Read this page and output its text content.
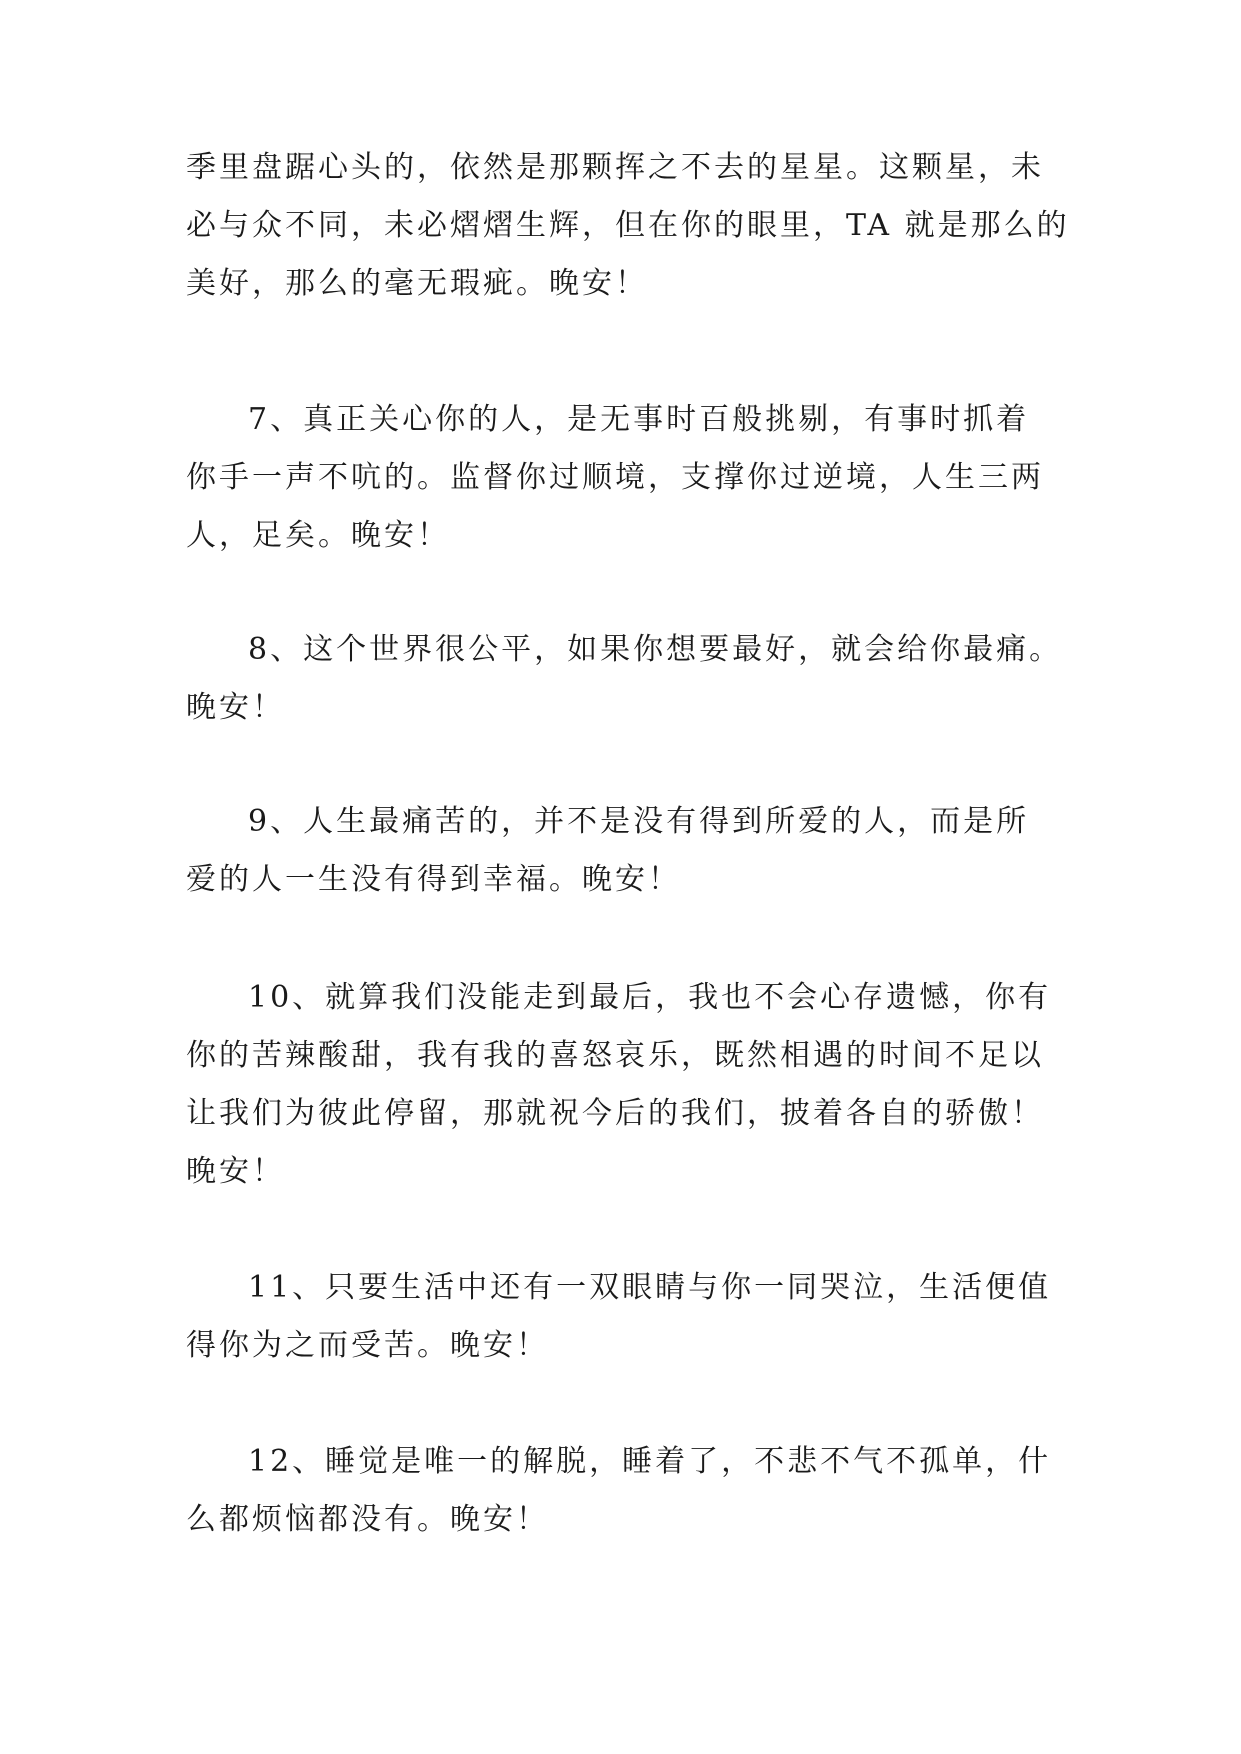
季里盘踞心头的，依然是那颗挥之不去的星星。这颗星，未

必与众不同，未必熠熠生辉，但在你的眼里，TA 就是那么的

美好，那么的毫无瑕疵。晚安！

7、真正关心你的人，是无事时百般挑剔，有事时抓着

你手一声不吭的。监督你过顺境，支撑你过逆境，人生三两

人，足矣。晚安！

8、这个世界很公平，如果你想要最好，就会给你最痛。

晚安！

9、人生最痛苦的，并不是没有得到所爱的人，而是所

爱的人一生没有得到幸福。晚安！

10、就算我们没能走到最后，我也不会心存遗憾，你有

你的苦辣酸甜，我有我的喜怒哀乐，既然相遇的时间不足以

让我们为彼此停留，那就祝今后的我们，披着各自的骄傲！

晚安！

11、只要生活中还有一双眼睛与你一同哭泣，生活便值

得你为之而受苦。晚安！

12、睡觉是唯一的解脱，睡着了，不悲不气不孤单，什

么都烦恼都没有。晚安！
